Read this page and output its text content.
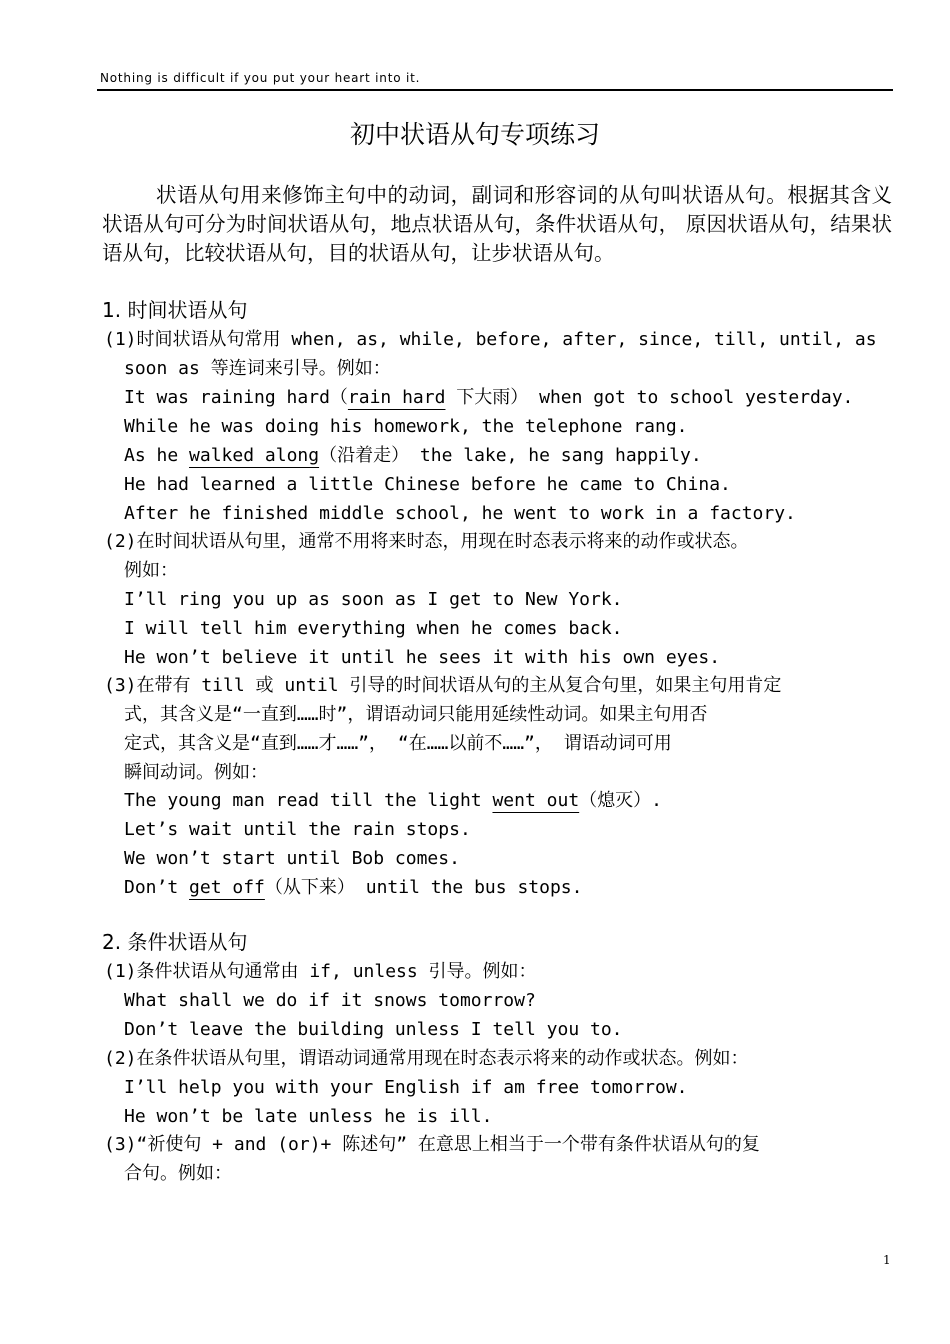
Nothing is difficult if you put your heart into it.
初中状语从句专项练习
状语从句用来修饰主句中的动词，副词和形容词的从句叫状语从句。根据其含义状语从句可分为时间状语从句，地点状语从句，条件状语从句， 原因状语从句，结果状语从句，比较状语从句，目的状语从句，让步状语从句。
1. 时间状语从句
(1)时间状语从句常用 when, as, while, before, after, since, till, until, as
soon as 等连词来引导。例如：
It was raining hard（rain hard 下大雨） when got to school yesterday.
While he was doing his homework, the telephone rang.
As he walked along（沿着走） the lake, he sang happily.
He had learned a little Chinese before he came to China.
After he finished middle school, he went to work in a factory.
(2)在时间状语从句里，通常不用将来时态，用现在时态表示将来的动作或状态。
例如：
I’ll ring you up as soon as I get to New York.
I will tell him everything when he comes back.
He won’t believe it until he sees it with his own eyes.
(3)在带有 till 或 until 引导的时间状语从句的主从复合句里，如果主句用肯定
式，其含义是“一直到……时”，谓语动词只能用延续性动词。如果主句用否
定式，其含义是“直到……才……”， “在……以前不……”， 谓语动词可用
瞬间动词。例如：
The young man read till the light went out（熄灭）.
Let’s wait until the rain stops.
We won’t start until Bob comes.
Don’t get off（从下来） until the bus stops.
2. 条件状语从句
(1)条件状语从句通常由 if, unless 引导。例如：
What shall we do if it snows tomorrow?
Don’t leave the building unless I tell you to.
(2)在条件状语从句里，谓语动词通常用现在时态表示将来的动作或状态。例如：
I’ll help you with your English if am free tomorrow.
He won’t be late unless he is ill.
(3)“祈使句 + and (or)+ 陈述句” 在意思上相当于一个带有条件状语从句的复
合句。例如：
1
